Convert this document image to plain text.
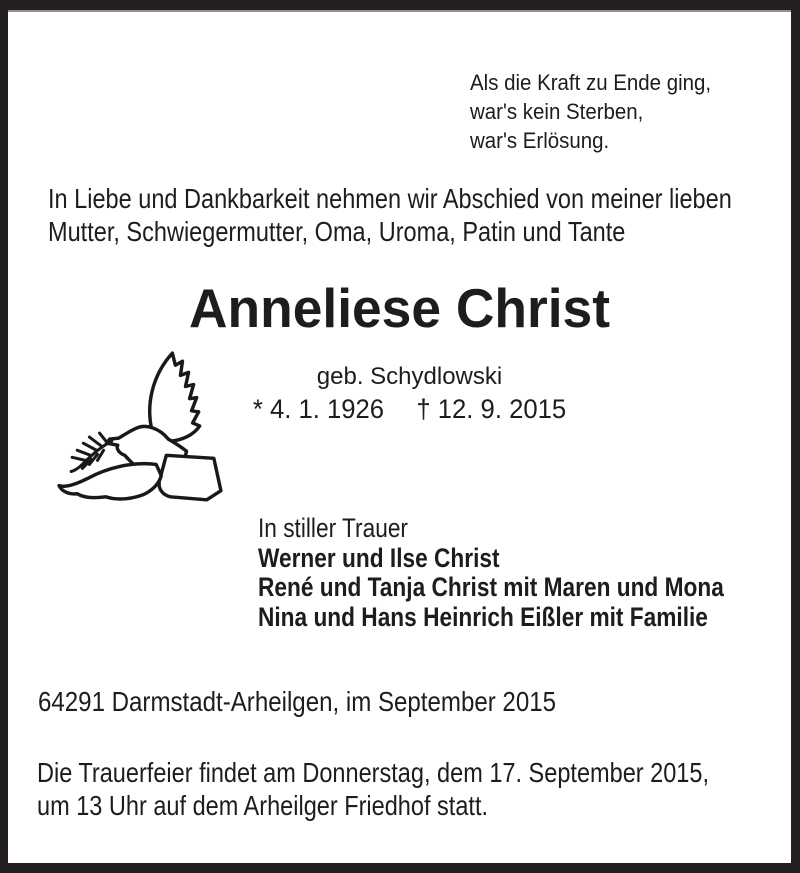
Als die Kraft zu Ende ging,
war's kein Sterben,
war's Erlösung.
In Liebe und Dankbarkeit nehmen wir Abschied von meiner lieben
Mutter, Schwiegermutter, Oma, Uroma, Patin und Tante
Anneliese Christ
geb. Schydlowski
* 4. 1. 1926 † 12. 9. 2015
In stiller Trauer
Werner und Ilse Christ
René und Tanja Christ mit Maren und Mona
Nina und Hans Heinrich Eißler mit Familie
64291 Darmstadt-Arheilgen, im September 2015
Die Trauerfeier findet am Donnerstag, dem 17. September 2015,
um 13 Uhr auf dem Arheilger Friedhof statt.
